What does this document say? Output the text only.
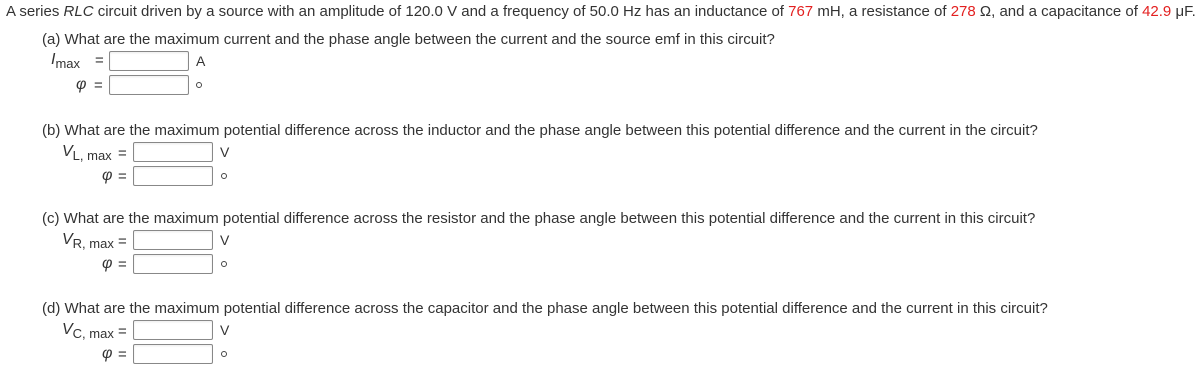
A series RLC circuit driven by a source with an amplitude of 120.0 V and a frequency of 50.0 Hz has an inductance of 767 mH, a resistance of 278 Ω, and a capacitance of 42.9 μF.
(a) What are the maximum current and the phase angle between the current and the source emf in this circuit?
$I_{max}$ =	A
φ =
(b) What are the maximum potential difference across the inductor and the phase angle between this potential difference and the current in the circuit?
$V_{L, max}$ =	V
φ =
(c) What are the maximum potential difference across the resistor and the phase angle between this potential difference and the current in this circuit?
$V_{R, max}$ =	V
φ =
(d) What are the maximum potential difference across the capacitor and the phase angle between this potential difference and the current in this circuit?
$V_{C, max}$ =	V
φ =
